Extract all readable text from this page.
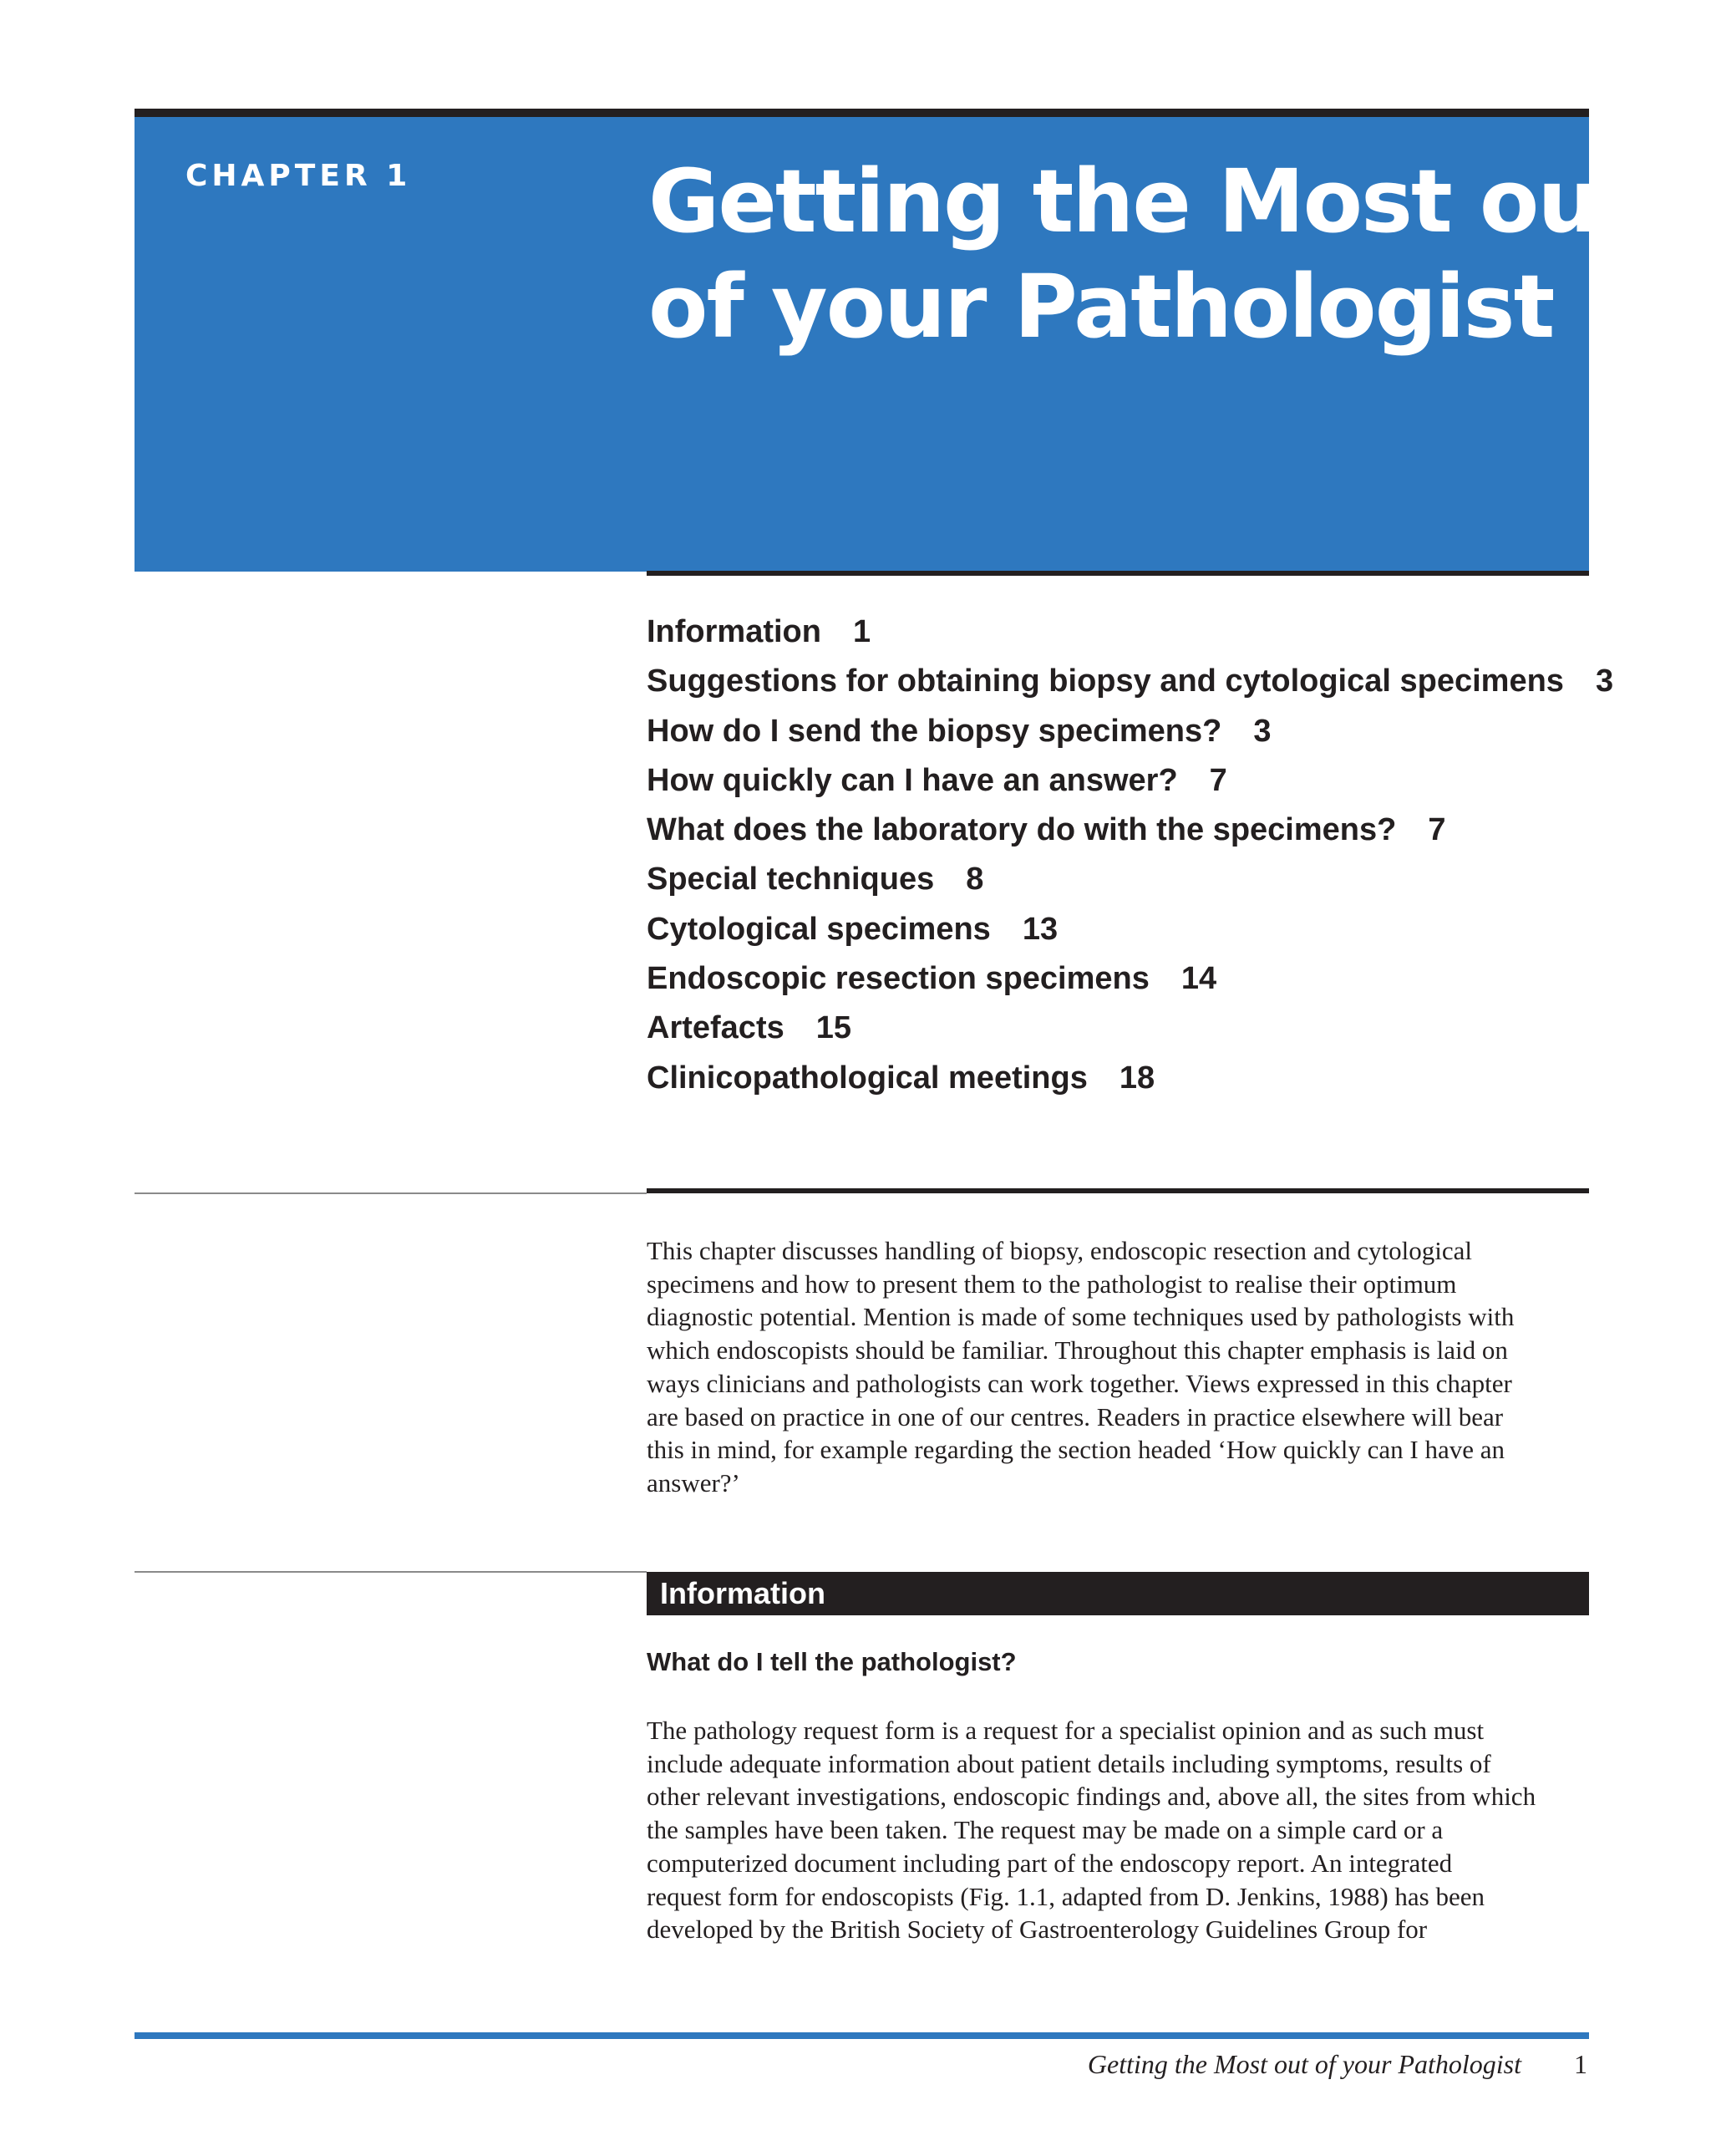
CHAPTER 1	Getting the Most out
of your Pathologist
Information 1
Suggestions for obtaining biopsy and cytological specimens 3
How do I send the biopsy specimens? 3
How quickly can I have an answer? 7
What does the laboratory do with the specimens? 7
Special techniques 8
Cytological specimens 13
Endoscopic resection specimens 14
Artefacts 15
Clinicopathological meetings 18

This chapter discusses handling of biopsy, endoscopic resection and cytological
specimens and how to present them to the pathologist to realise their optimum
diagnostic potential. Mention is made of some techniques used by pathologists with
which endoscopists should be familiar. Throughout this chapter emphasis is laid on
ways clinicians and pathologists can work together. Views expressed in this chapter
are based on practice in one of our centres. Readers in practice elsewhere will bear
this in mind, for example regarding the section headed ‘How quickly can I have an
answer?’

Information
What do I tell the pathologist?

The pathology request form is a request for a specialist opinion and as such must
include adequate information about patient details including symptoms, results of
other relevant investigations, endoscopic findings and, above all, the sites from which
the samples have been taken. The request may be made on a simple card or a
computerized document including part of the endoscopy report. An integrated
request form for endoscopists (Fig. 1.1, adapted from D. Jenkins, 1988) has been
developed by the British Society of Gastroenterology Guidelines Group for

Getting the Most out of your Pathologist 1
